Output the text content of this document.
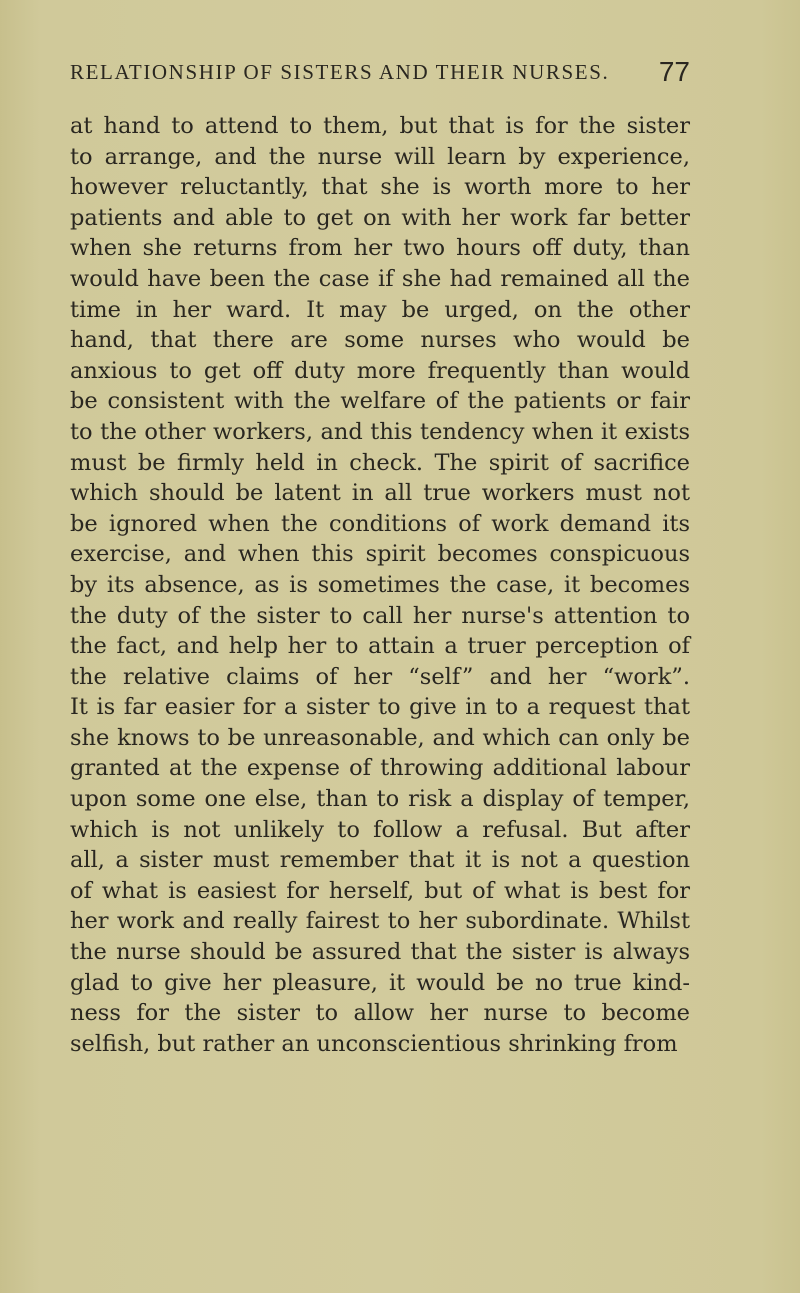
RELATIONSHIP OF SISTERS AND THEIR NURSES. 77
at hand to attend to them, but that is for the sister
to arrange, and the nurse will learn by experience,
however reluctantly, that she is worth more to her
patients and able to get on with her work far better
when she returns from her two hours off duty, than
would have been the case if she had remained all the
time in her ward. It may be urged, on the other
hand, that there are some nurses who would be
anxious to get off duty more frequently than would
be consistent with the welfare of the patients or fair
to the other workers, and this tendency when it exists
must be firmly held in check. The spirit of sacrifice
which should be latent in all true workers must not
be ignored when the conditions of work demand its
exercise, and when this spirit becomes conspicuous
by its absence, as is sometimes the case, it becomes
the duty of the sister to call her nurse's attention to
the fact, and help her to attain a truer perception of
the relative claims of her “self” and her “work”.
It is far easier for a sister to give in to a request that
she knows to be unreasonable, and which can only be
granted at the expense of throwing additional labour
upon some one else, than to risk a display of temper,
which is not unlikely to follow a refusal. But after
all, a sister must remember that it is not a question
of what is easiest for herself, but of what is best for
her work and really fairest to her subordinate. Whilst
the nurse should be assured that the sister is always
glad to give her pleasure, it would be no true kind-
ness for the sister to allow her nurse to become
selfish, but rather an unconscientious shrinking from
